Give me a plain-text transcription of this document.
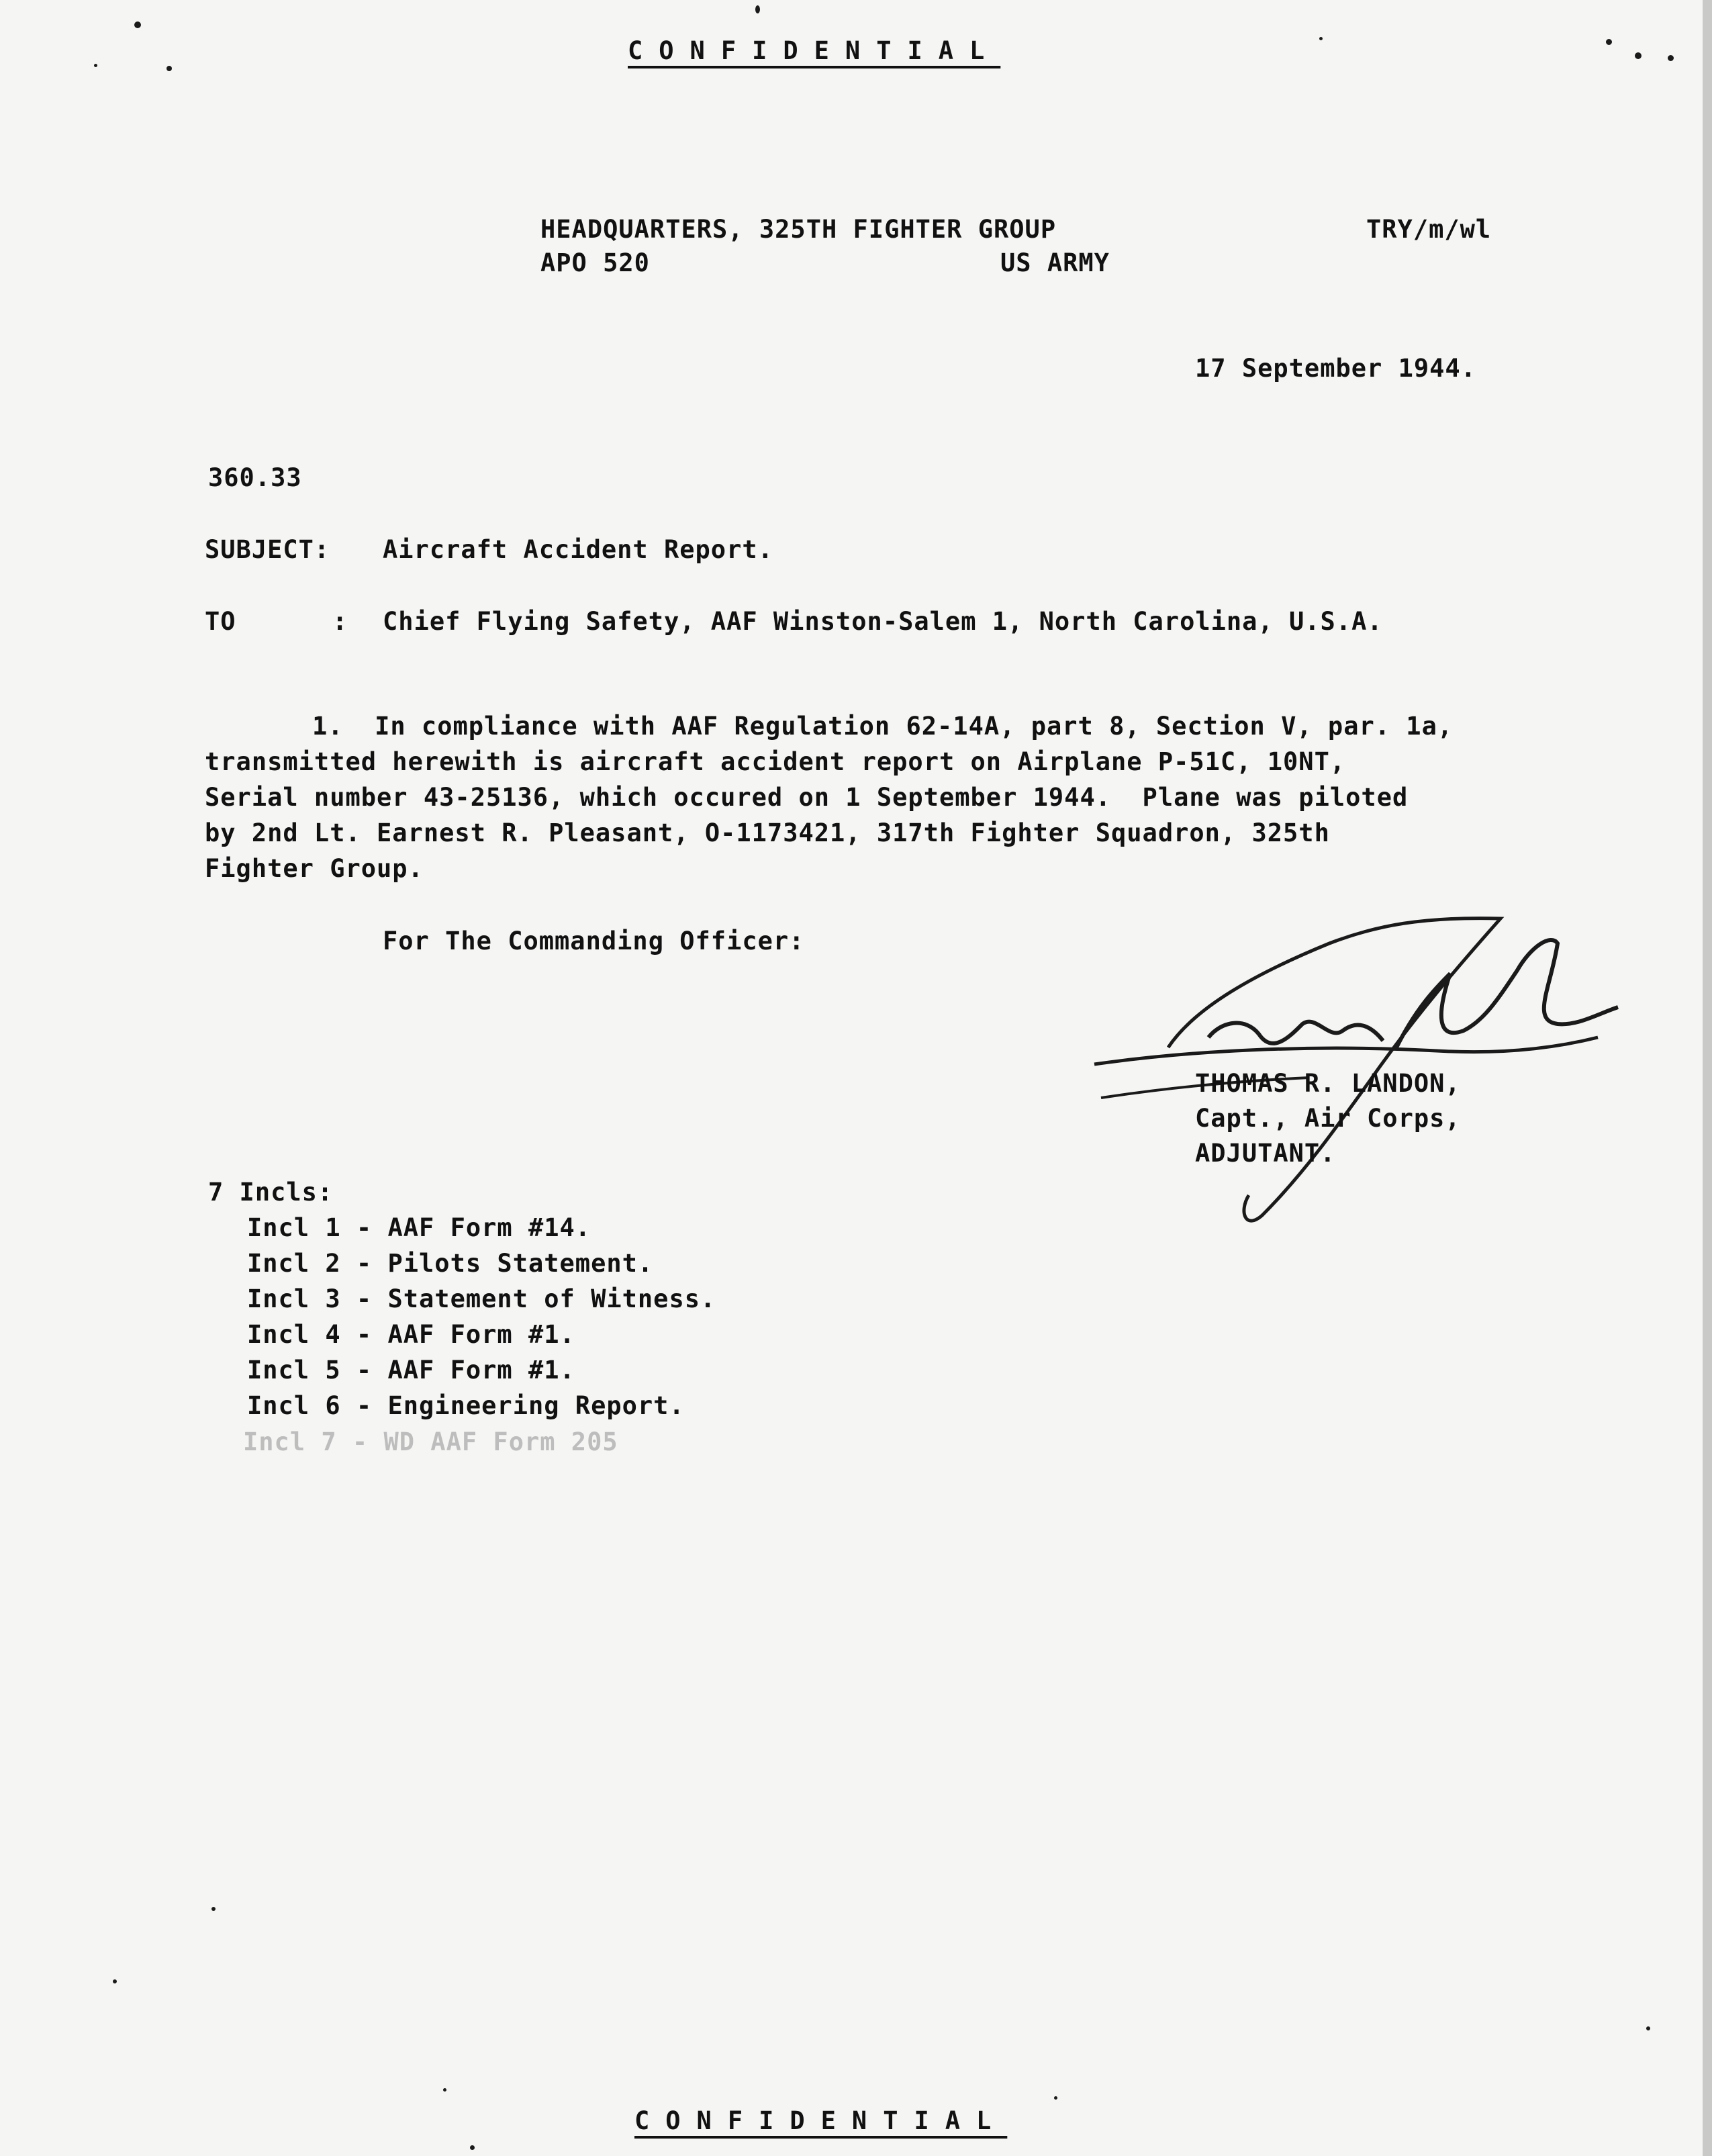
CONFIDENTIAL
HEADQUARTERS, 325TH FIGHTER GROUP
APO 520	US ARMY
TRY/m/wl
17 September 1944.
360.33
SUBJECT: Aircraft Accident Report.
TO	: Chief Flying Safety, AAF Winston-Salem 1, North Carolina, U.S.A.
1.  In compliance with AAF Regulation 62-14A, part 8, Section V, par. 1a,
transmitted herewith is aircraft accident report on Airplane P-51C, 10NT,
Serial number 43-25136, which occured on 1 September 1944.  Plane was piloted
by 2nd Lt. Earnest R. Pleasant, O-1173421, 317th Fighter Squadron, 325th
Fighter Group.
For The Commanding Officer:
THOMAS R. LANDON,
Capt., Air Corps,
ADJUTANT.
7 Incls:
Incl 1 - AAF Form #14.
Incl 2 - Pilots Statement.
Incl 3 - Statement of Witness.
Incl 4 - AAF Form #1.
Incl 5 - AAF Form #1.
Incl 6 - Engineering Report.
Incl 7 - WD AAF Form 205
CONFIDENTIAL
